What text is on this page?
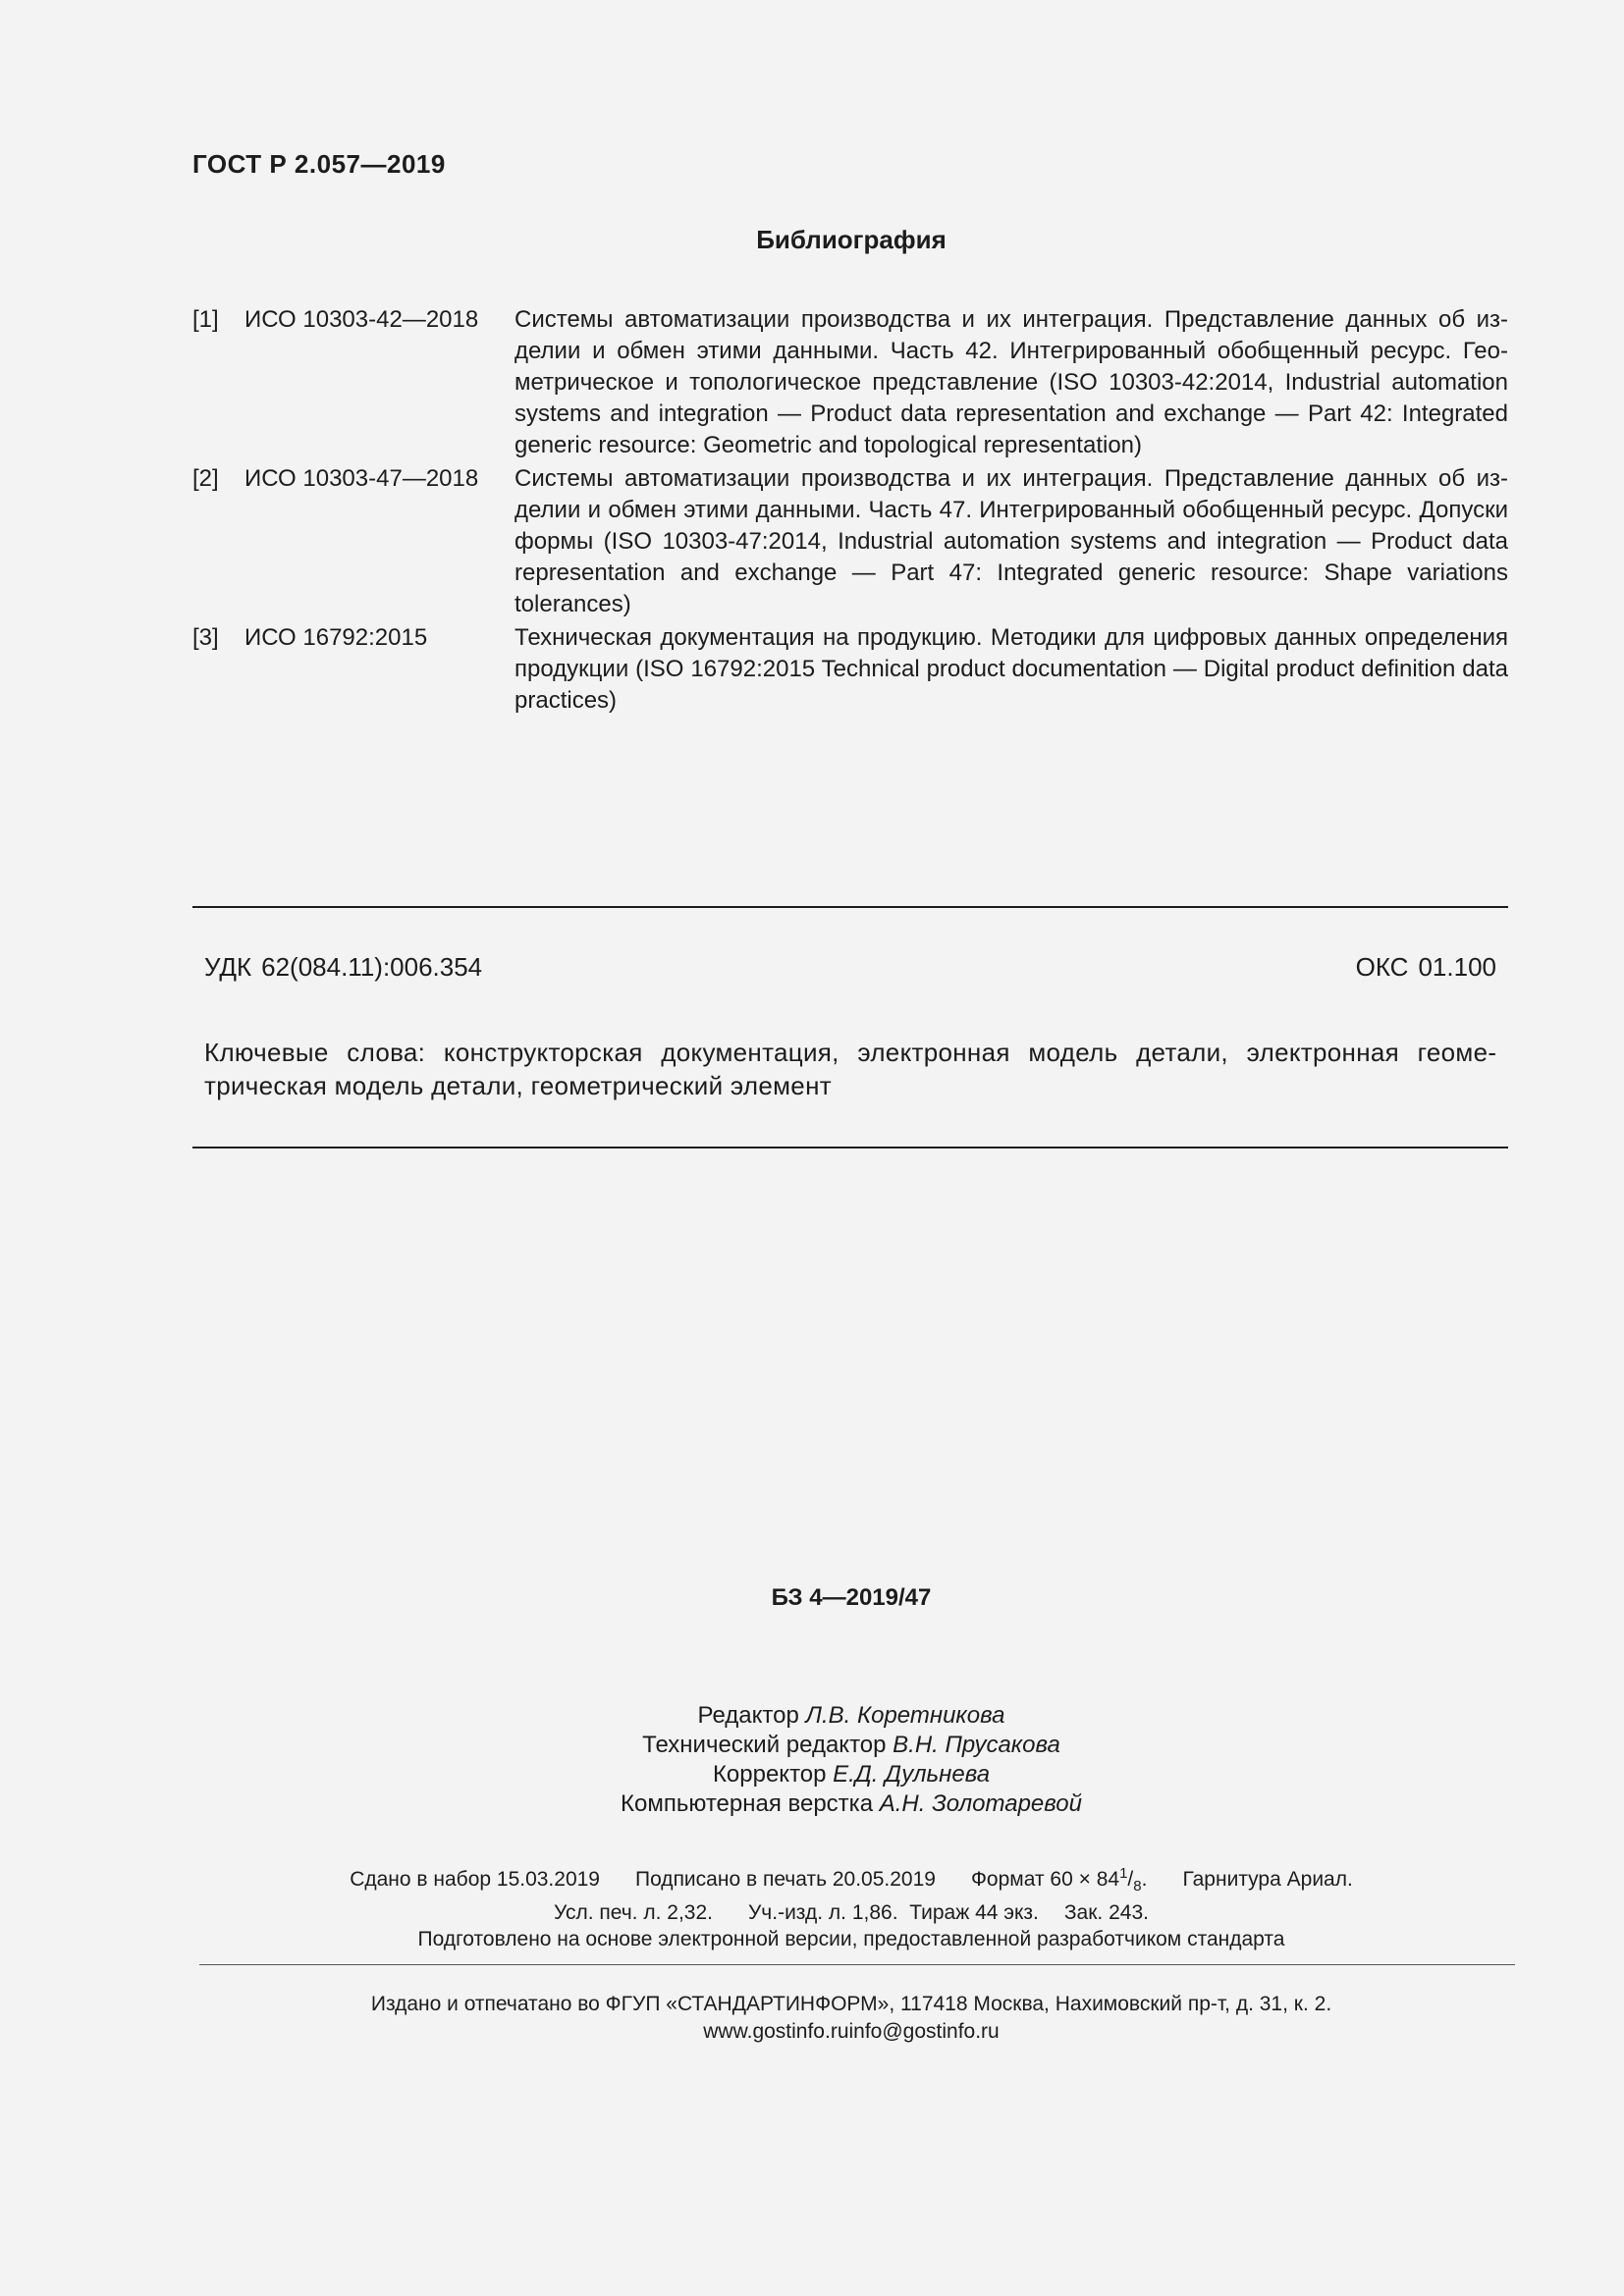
ГОСТ Р 2.057—2019
Библиография
[1]	ИСО 10303-42—2018	Системы автоматизации производства и их интеграция. Представление данных об изделии и обмен этими данными. Часть 42. Интегрированный обобщенный ресурс. Геометрическое и топологическое представление (ISO 10303-42:2014, Industrial automation systems and integration — Product data representation and exchange — Part 42: Integrated generic resource: Geometric and topological representation)
[2]	ИСО 10303-47—2018	Системы автоматизации производства и их интеграция. Представление данных об изделии и обмен этими данными. Часть 47. Интегрированный обобщенный ресурс. Допуски формы (ISO 10303-47:2014, Industrial automation systems and integration — Product data representation and exchange — Part 47: Integrated generic resource: Shape variations tolerances)
[3]	ИСО 16792:2015	Техническая документация на продукцию. Методики для цифровых данных определения продукции (ISO 16792:2015 Technical product documentation — Digital product definition data practices)
УДК 62(084.11):006.354	ОКС 01.100
Ключевые слова: конструкторская документация, электронная модель детали, электронная геометрическая модель детали, геометрический элемент
БЗ 4—2019/47
Редактор Л.В. Коретникова
Технический редактор В.Н. Прусакова
Корректор Е.Д. Дульнева
Компьютерная верстка А.Н. Золотаревой
Сдано в набор 15.03.2019 Подписано в печать 20.05.2019 Формат $60 \times 84^1/_8$. Гарнитура Ариал.
Усл. печ. л. 2,32. Уч.-изд. л. 1,86. Тираж 44 экз. Зак. 243.
Подготовлено на основе электронной версии, предоставленной разработчиком стандарта
Издано и отпечатано во ФГУП «СТАНДАРТИНФОРМ», 117418 Москва, Нахимовский пр-т, д. 31, к. 2.
www.gostinfo.ruinfo@gostinfo.ru
